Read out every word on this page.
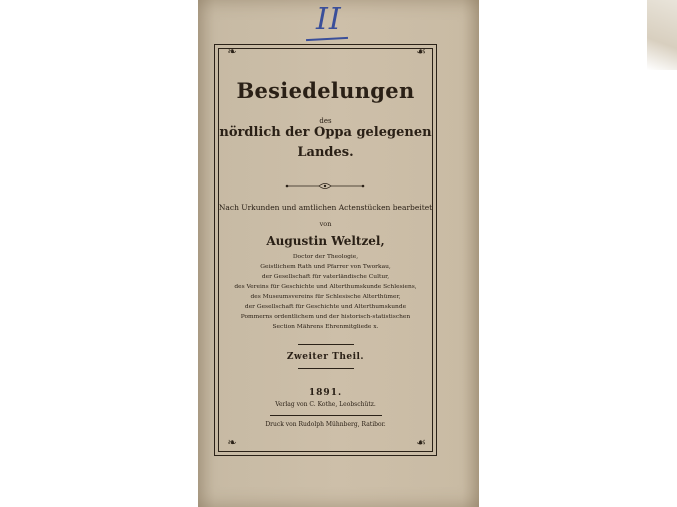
II
❧	☙
❧	☙
Besiedelungen
des
nördlich der Oppa gelegenen
Landes.
Nach Urkunden und amtlichen Actenstücken bearbeitet
von
Augustin Weltzel,
Doctor der Theologie,
Geistlichem Rath und Pfarrer von Tworkau,
der Gesellschaft für vaterländische Cultur,
des Vereins für Geschichte und Alterthumskunde Schlesiens,
des Museumsvereins für Schlesische Alterthümer,
der Gesellschaft für Geschichte und Alterthumskunde
Pommerns ordentlichem und der historisch-statistischen
Section Mährens Ehrenmitgliede x.
Zweiter Theil.
1891.
Verlag von C. Kothe, Leobschütz.
Druck von Rudolph Mühnberg, Ratibor.
